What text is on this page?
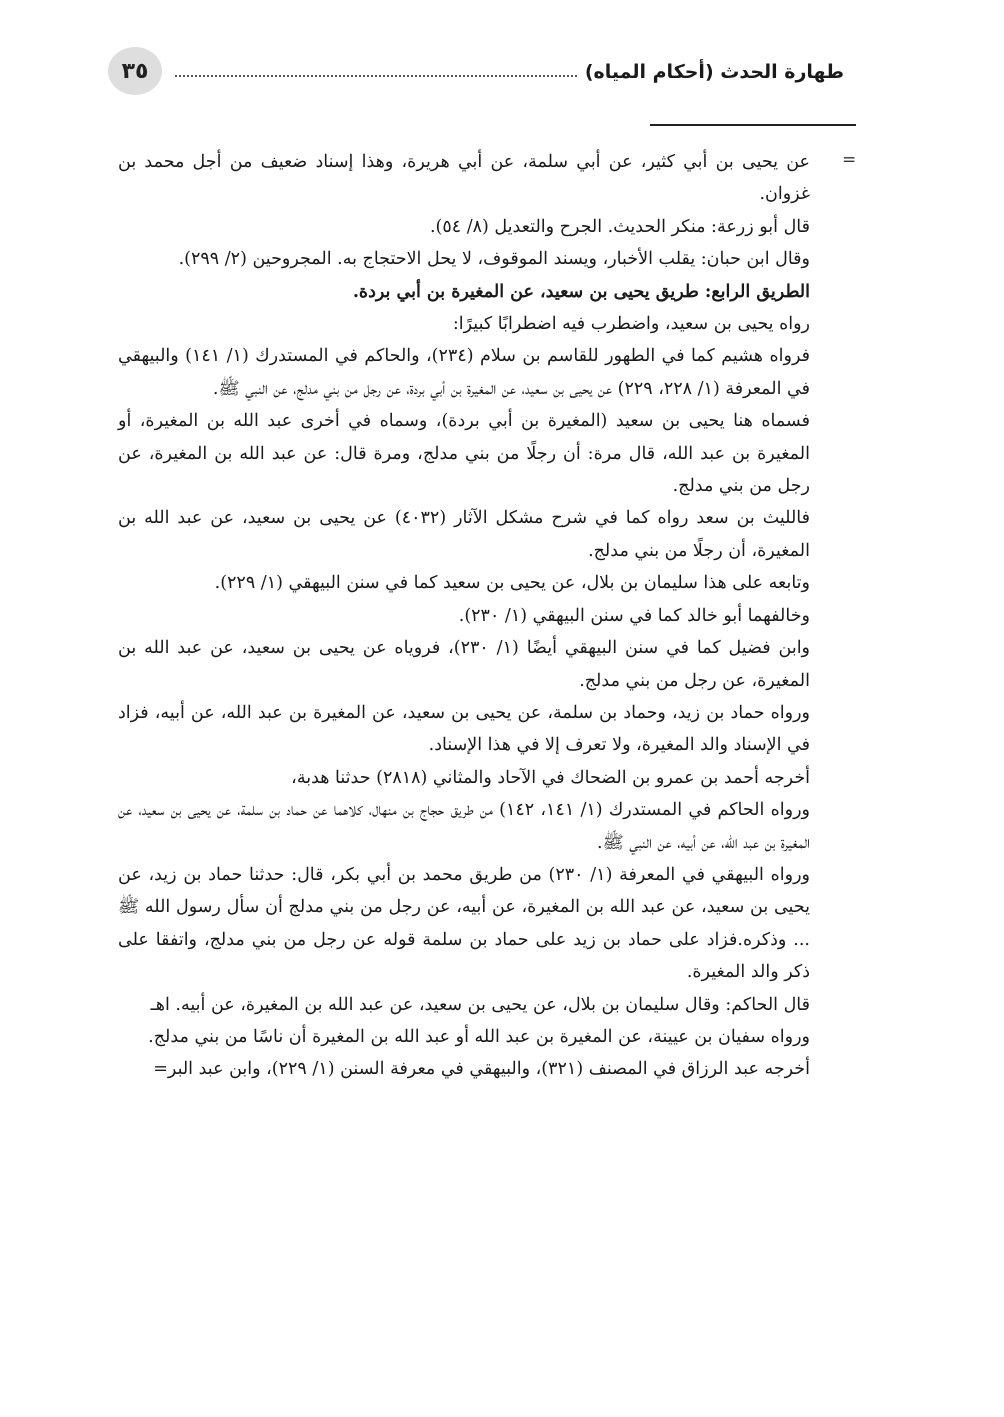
٣٥	طهارة الحدث (أحكام المياه)
=

عن يحيى بن أبي كثير، عن أبي سلمة، عن أبي هريرة، وهذا إسناد ضعيف من أجل محمد بن غزوان.

قال أبو زرعة: منكر الحديث. الجرح والتعديل (٨/ ٥٤).

وقال ابن حبان: يقلب الأخبار، ويسند الموقوف، لا يحل الاحتجاج به. المجروحين (٢/ ٢٩٩).

الطريق الرابع: طريق يحيى بن سعيد، عن المغيرة بن أبي بردة.

رواه يحيى بن سعيد، واضطرب فيه اضطرابًا كبيرًا:

فرواه هشيم كما في الطهور للقاسم بن سلام (٢٣٤)، والحاكم في المستدرك (١/ ١٤١) والبيهقي في المعرفة (١/ ٢٢٨، ٢٢٩) عن يحيى بن سعيد، عن المغيرة بن أبي بردة، عن رجل من بني مدلج، عن النبي ﷺ.

فسماه هنا يحيى بن سعيد (المغيرة بن أبي بردة)، وسماه في أخرى عبد الله بن المغيرة، أو المغيرة بن عبد الله، قال مرة: أن رجلًا من بني مدلج، ومرة قال: عن عبد الله بن المغيرة، عن رجل من بني مدلج.

فالليث بن سعد رواه كما في شرح مشكل الآثار (٤٠٣٢) عن يحيى بن سعيد، عن عبد الله بن المغيرة، أن رجلًا من بني مدلج.

وتابعه على هذا سليمان بن بلال، عن يحيى بن سعيد كما في سنن البيهقي (١/ ٢٢٩).

وخالفهما أبو خالد كما في سنن البيهقي (١/ ٢٣٠).

وابن فضيل كما في سنن البيهقي أيضًا (١/ ٢٣٠)، فروياه عن يحيى بن سعيد، عن عبد الله بن المغيرة، عن رجل من بني مدلج.

ورواه حماد بن زيد، وحماد بن سلمة، عن يحيى بن سعيد، عن المغيرة بن عبد الله، عن أبيه، فزاد في الإسناد والد المغيرة، ولا تعرف إلا في هذا الإسناد.

أخرجه أحمد بن عمرو بن الضحاك في الآحاد والمثاني (٢٨١٨) حدثنا هدبة،

ورواه الحاكم في المستدرك (١/ ١٤١، ١٤٢) من طريق حجاج بن منهال، كلاهما عن حماد بن سلمة، عن يحيى بن سعيد، عن المغيرة بن عبد الله، عن أبيه، عن النبي ﷺ.

ورواه البيهقي في المعرفة (١/ ٢٣٠) من طريق محمد بن أبي بكر، قال: حدثنا حماد بن زيد، عن يحيى بن سعيد، عن عبد الله بن المغيرة، عن أبيه، عن رجل من بني مدلج أن سأل رسول الله ﷺ ... وذكره.فزاد على حماد بن زيد على حماد بن سلمة قوله عن رجل من بني مدلج، واتفقا على ذكر والد المغيرة.

قال الحاكم: وقال سليمان بن بلال، عن يحيى بن سعيد، عن عبد الله بن المغيرة، عن أبيه. اهـ

ورواه سفيان بن عيينة، عن المغيرة بن عبد الله أو عبد الله بن المغيرة أن ناسًا من بني مدلج.

أخرجه عبد الرزاق في المصنف (٣٢١)، والبيهقي في معرفة السنن (١/ ٢٢٩)، وابن عبد البر=
